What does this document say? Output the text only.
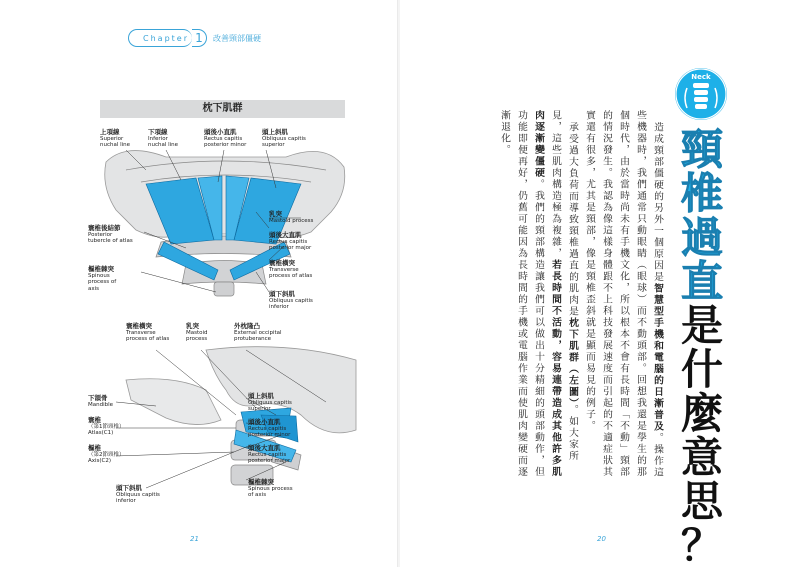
Chapter 1	改善頸部僵硬
枕下肌群
上項線
Superior
nuchal line
下項線
Inferior
nuchal line
頭後小直肌
Rectus capitis
posterior minor
頭上斜肌
Obliquus capitis
superior
乳突
Mastoid process
頭後大直肌
Rectus capitis
posterior major
寰椎後結節
Posterior
tubercle of atlas
寰椎橫突
Transverse
process of atlas
樞椎棘突
Spinous
process of
axis
頭下斜肌
Obliquus capitis
inferior
寰椎橫突
Transverse
process of atlas
乳突
Mastoid
process
外枕隆凸
External occipital
protuberance
下頜骨
Mandible
寰椎
（第1節頸椎）
Atlas(C1)
樞椎
（第2節頸椎）
Axis(C2)
頭下斜肌
Obliquus capitis
inferior
頭上斜肌
Obliquus capitis
superior
頭後小直肌
Rectus capitis
posterior minor
頭後大直肌
Rectus capitis
posterior major
樞椎棘突
Spinous process
of axis
21
Neck
頸
椎
過
直
是
什
麼
意
思
？

造成頸部僵硬的另外一個原因是智慧型手機和電腦的日漸普及。操作這些機器時，我們通常只動眼睛（眼球）而不動頭部。回想我還是學生的那個時代，由於當時尚未有手機文化，所以根本不會有長時間「不動」頸部的情況發生。我認為像這樣身體跟不上科技發展速度而引起的不適症狀其實還有很多，尤其是頸部，像是頸椎歪斜就是顯而易見的例子。

承受過大負荷而導致頸椎過直的肌肉是枕下肌群（左圖）。如大家所見，這些肌肉構造極為複雜，若長時間不活動，容易連帶造成其他許多肌肉逐漸變僵硬。我們的頸部構造讓我們可以做出十分精細的頭部動作，但功能即便再好，仍舊可能因為長時間的手機或電腦作業而使肌肉變硬而逐漸退化。

20
